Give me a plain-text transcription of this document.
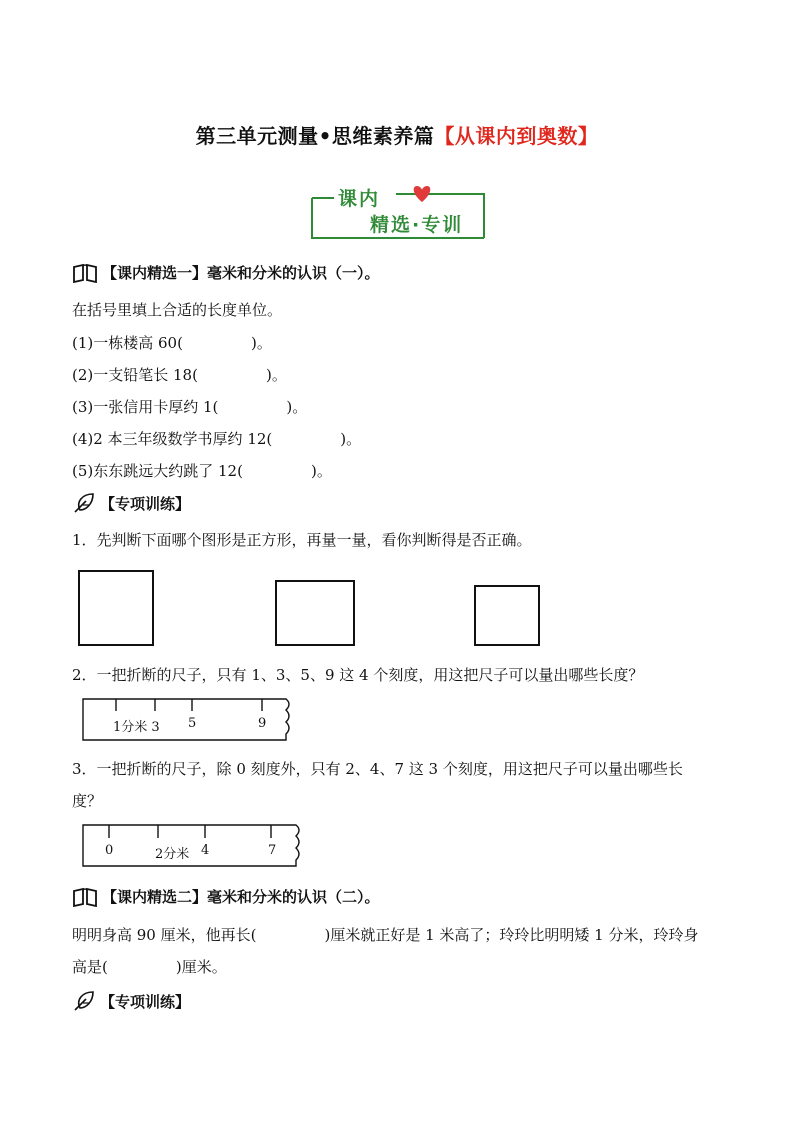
第三单元测量•思维素养篇【从课内到奥数】
课内
精选·专训
【课内精选一】毫米和分米的认识（一）。
在括号里填上合适的长度单位。
(1)一栋楼高 60(	)。
(2)一支铅笔长 18(	)。
(3)一张信用卡厚约 1(	)。
(4)2 本三年级数学书厚约 12(	)。
(5)东东跳远大约跳了 12(	)。
【专项训练】
1．先判断下面哪个图形是正方形，再量一量，看你判断得是否正确。
2．一把折断的尺子，只有 1、3、5、9 这 4 个刻度，用这把尺子可以量出哪些长度？
1分米 3 5	9
3．一把折断的尺子，除 0 刻度外，只有 2、4、7 这 3 个刻度，用这把尺子可以量出哪些长
度？
0	2分米 4	7
【课内精选二】毫米和分米的认识（二）。
明明身高 90 厘米，他再长(	)厘米就正好是 1 米高了；玲玲比明明矮 1 分米，玲玲身
高是(	)厘米。
【专项训练】
